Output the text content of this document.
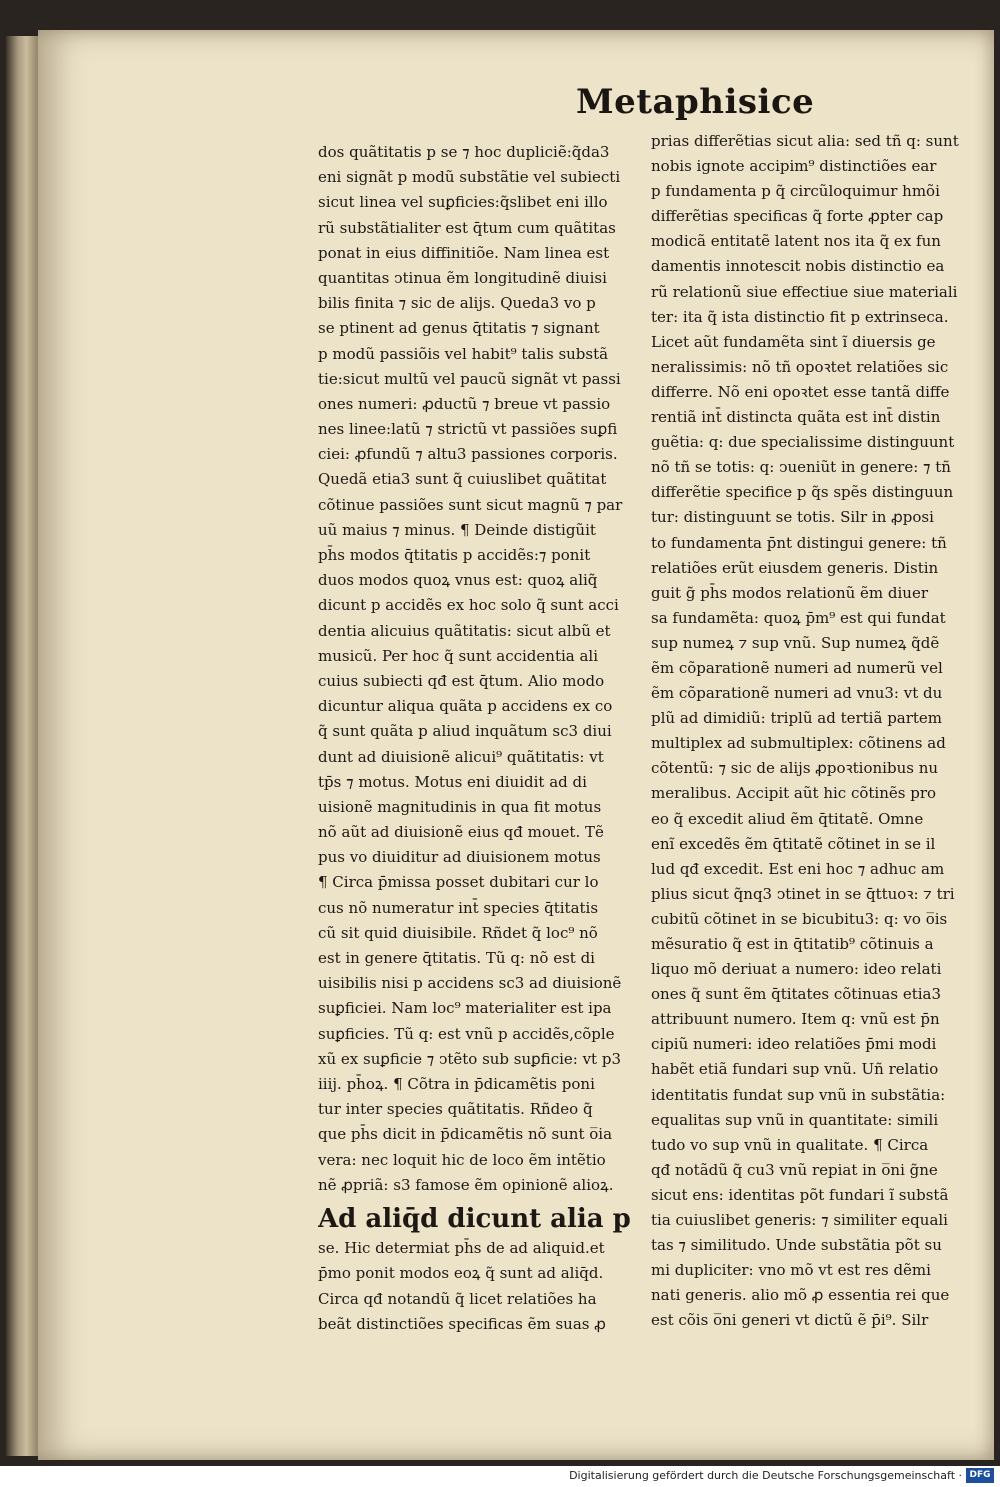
Metaphisice
dos quãtitatis p se ⁊ hoc dupliciẽ:q̃da3
eni signãt p modũ substãtie vel subiecti
sicut linea vel suꝑficies:q̃slibet eni illo
rũ substãtialiter est q̄tum cum quãtitas
ponat in eius diffinitiõe. Nam linea est
quantitas ↄtinua ẽm longitudinẽ diuisi
bilis finita ⁊ sic de alijs. Queda3 vo p
se ptinent ad genus q̄titatis ⁊ signant
p modũ passiõis vel habit⁹ talis substã
tie:sicut multũ vel paucũ signãt vt passi
ones numeri: ꝓductũ ⁊ breue vt passio
nes linee:latũ ⁊ strictũ vt passiões suꝑfi
ciei: ꝓfundũ ⁊ altu3 passiones corporis.
Quedã etia3 sunt q̃ cuiuslibet quãtitat
cõtinue passiões sunt sicut magnũ ⁊ par
uũ maius ⁊ minus. ¶ Deinde distigũit
ph̄s modos q̄titatis p accidẽs:⁊ ponit
duos modos quoꝝ vnus est: quoꝝ aliq̃
dicunt p accidẽs ex hoc solo q̃ sunt acci
dentia alicuius quãtitatis: sicut albũ et
musicũ. Per hoc q̃ sunt accidentia ali
cuius subiecti qđ est q̄tum. Alio modo
dicuntur aliqua quãta p accidens ex co
q̃ sunt quãta p aliud inquãtum sc3 diui
dunt ad diuisionẽ alicui⁹ quãtitatis: vt
tp̄s ⁊ motus. Motus eni diuidit ad di
uisionẽ magnitudinis in qua fit motus
nõ aũt ad diuisionẽ eius qđ mouet. Tẽ
pus vo diuiditur ad diuisionem motus
¶ Circa p̄missa posset dubitari cur lo
cus nõ numeratur int̄ species q̄titatis
cũ sit quid diuisibile. Rñdet q̃ loc⁹ nõ
est in genere q̄titatis. Tũ q: nõ est di
uisibilis nisi p accidens sc3 ad diuisionẽ
suꝑficiei. Nam loc⁹ materialiter est ipa
suꝑficies. Tũ q: est vnũ p accidẽs,cõple
xũ ex suꝑficie ⁊ ↄtẽto sub suꝑficie: vt p3
iiij. ph̄oꝝ. ¶ Cõtra in p̄dicamẽtis poni
tur inter species quãtitatis. Rñdeo q̃
que ph̄s dicit in p̄dicamẽtis nõ sunt o̅ia
vera: nec loquit hic de loco ẽm intẽtio
nẽ ꝓpriã: s3 famose ẽm opinionẽ alioꝝ.
Ad aliq̄d dicunt alia p
se. Hic determiat ph̄s de ad aliquid.et
p̄mo ponit modos eoꝝ q̃ sunt ad aliq̄d.
Circa qđ notandũ q̃ licet relatiões ha
beãt distinctiões specificas ẽm suas ꝓ
prias differẽtias sicut alia: sed tñ q: sunt
nobis ignote accipim⁹ distinctiões ear
p fundamenta p q̃ circũloquimur hmõi
differẽtias specificas q̃ forte ꝓpter cap
modicã entitatẽ latent nos ita q̃ ex fun
damentis innotescit nobis distinctio ea
rũ relationũ siue effectiue siue materiali
ter: ita q̃ ista distinctio fit p extrinseca.
Licet aũt fundamẽta sint ĩ diuersis ge
neralissimis: nõ tñ opoꝛtet relatiões sic
differre. Nõ eni opoꝛtet esse tantã diffe
rentiã int̄ distincta quãta est int̄ distin
guẽtia: q: due specialissime distinguunt
nõ tñ se totis: q: ↄueniũt in genere: ⁊ tñ
differẽtie specifice p q̃s spẽs distinguun
tur: distinguunt se totis. Silr in ꝓposi
to fundamenta p̄nt distingui genere: tñ
relatiões erũt eiusdem generis. Distin
guit g̃ ph̄s modos relationũ ẽm diuer
sa fundamẽta: quoꝝ p̄m⁹ est qui fundat
sup numeꝝ ⁊ sup vnũ. Sup numeꝝ q̃dẽ
ẽm cõparationẽ numeri ad numerũ vel
ẽm cõparationẽ numeri ad vnu3: vt du
plũ ad dimidiũ: triplũ ad tertiã partem
multiplex ad submultiplex: cõtinens ad
cõtentũ: ⁊ sic de alijs ꝓpoꝛtionibus nu
meralibus. Accipit aũt hic cõtinẽs pro
eo q̃ excedit aliud ẽm q̄titatẽ. Omne
enĩ excedẽs ẽm q̄titatẽ cõtinet in se il
lud qđ excedit. Est eni hoc ⁊ adhuc am
plius sicut q̃nq3 ↄtinet in se q̄ttuoꝛ: ⁊ tri
cubitũ cõtinet in se bicubitu3: q: vo o̅is
mẽsuratio q̃ est in q̄titatib⁹ cõtinuis a
liquo mõ deriuat a numero: ideo relati
ones q̃ sunt ẽm q̄titates cõtinuas etia3
attribuunt numero. Item q: vnũ est p̄n
cipiũ numeri: ideo relatiões p̄mi modi
habẽt etiã fundari sup vnũ. Uñ relatio
identitatis fundat sup vnũ in substãtia:
equalitas sup vnũ in quantitate: simili
tudo vo sup vnũ in qualitate. ¶ Circa
qđ notãdũ q̃ cu3 vnũ repiat in o̅ni g̃ne
sicut ens: identitas põt fundari ĩ substã
tia cuiuslibet generis: ⁊ similiter equali
tas ⁊ similitudo. Unde substãtia põt su
mi dupliciter: vno mõ vt est res dẽmi
nati generis. alio mõ ꝓ essentia rei que
est cõis o̅ni generi vt dictũ ẽ p̄i⁹. Silr
Digitalisierung gefördert durch die Deutsche Forschungsgemeinschaft · DFG
